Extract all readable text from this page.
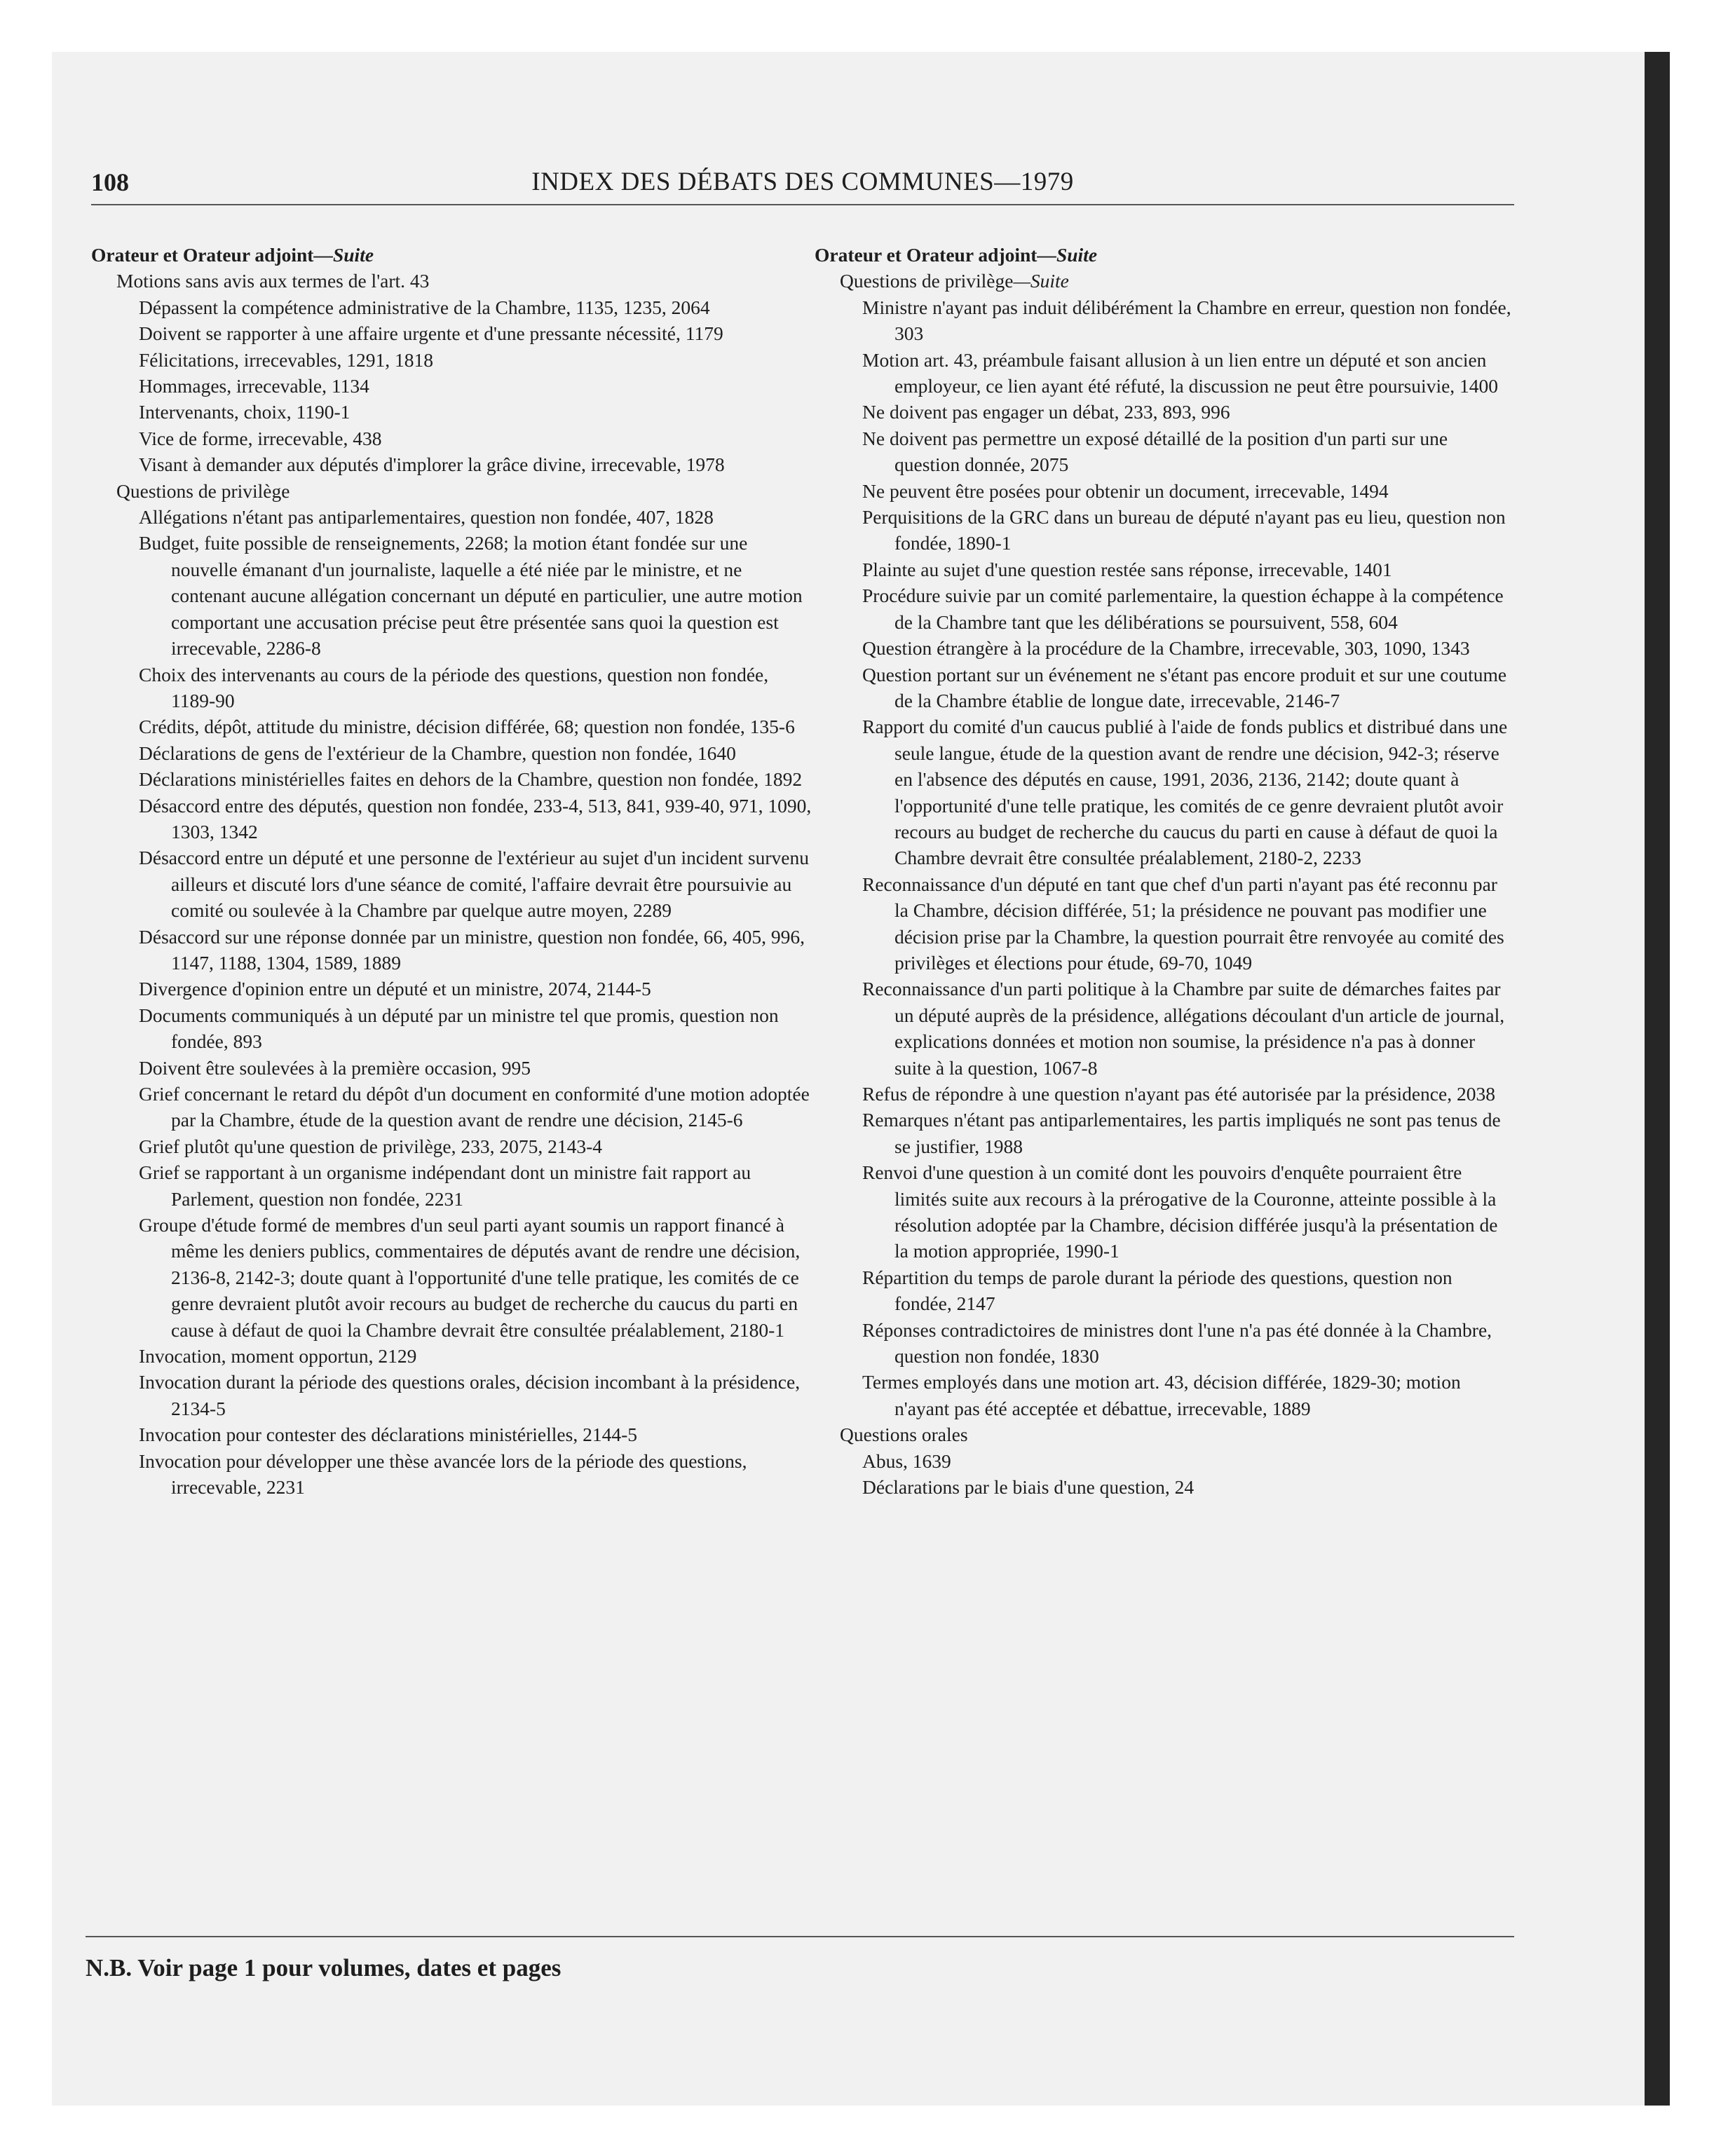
108	INDEX DES DÉBATS DES COMMUNES—1979
Orateur et Orateur adjoint—Suite
Motions sans avis aux termes de l'art. 43
Dépassent la compétence administrative de la Chambre, 1135, 1235, 2064
Doivent se rapporter à une affaire urgente et d'une pressante nécessité, 1179
Félicitations, irrecevables, 1291, 1818
Hommages, irrecevable, 1134
Intervenants, choix, 1190-1
Vice de forme, irrecevable, 438
Visant à demander aux députés d'implorer la grâce divine, irrecevable, 1978
Questions de privilège
Allégations n'étant pas antiparlementaires, question non fondée, 407, 1828
Budget, fuite possible de renseignements, 2268; la motion étant fondée sur une nouvelle émanant d'un journaliste, laquelle a été niée par le ministre, et ne contenant aucune allégation concernant un député en particulier, une autre motion comportant une accusation précise peut être présentée sans quoi la question est irrecevable, 2286-8
Choix des intervenants au cours de la période des questions, question non fondée, 1189-90
Crédits, dépôt, attitude du ministre, décision différée, 68; question non fondée, 135-6
Déclarations de gens de l'extérieur de la Chambre, question non fondée, 1640
Déclarations ministérielles faites en dehors de la Chambre, question non fondée, 1892
Désaccord entre des députés, question non fondée, 233-4, 513, 841, 939-40, 971, 1090, 1303, 1342
Désaccord entre un député et une personne de l'extérieur au sujet d'un incident survenu ailleurs et discuté lors d'une séance de comité, l'affaire devrait être poursuivie au comité ou soulevée à la Chambre par quelque autre moyen, 2289
Désaccord sur une réponse donnée par un ministre, question non fondée, 66, 405, 996, 1147, 1188, 1304, 1589, 1889
Divergence d'opinion entre un député et un ministre, 2074, 2144-5
Documents communiqués à un député par un ministre tel que promis, question non fondée, 893
Doivent être soulevées à la première occasion, 995
Grief concernant le retard du dépôt d'un document en conformité d'une motion adoptée par la Chambre, étude de la question avant de rendre une décision, 2145-6
Grief plutôt qu'une question de privilège, 233, 2075, 2143-4
Grief se rapportant à un organisme indépendant dont un ministre fait rapport au Parlement, question non fondée, 2231
Groupe d'étude formé de membres d'un seul parti ayant soumis un rapport financé à même les deniers publics, commentaires de députés avant de rendre une décision, 2136-8, 2142-3; doute quant à l'opportunité d'une telle pratique, les comités de ce genre devraient plutôt avoir recours au budget de recherche du caucus du parti en cause à défaut de quoi la Chambre devrait être consultée préalablement, 2180-1
Invocation, moment opportun, 2129
Invocation durant la période des questions orales, décision incombant à la présidence, 2134-5
Invocation pour contester des déclarations ministérielles, 2144-5
Invocation pour développer une thèse avancée lors de la période des questions, irrecevable, 2231
Orateur et Orateur adjoint—Suite
Questions de privilège—Suite
Ministre n'ayant pas induit délibérément la Chambre en erreur, question non fondée, 303
Motion art. 43, préambule faisant allusion à un lien entre un député et son ancien employeur, ce lien ayant été réfuté, la discussion ne peut être poursuivie, 1400
Ne doivent pas engager un débat, 233, 893, 996
Ne doivent pas permettre un exposé détaillé de la position d'un parti sur une question donnée, 2075
Ne peuvent être posées pour obtenir un document, irrecevable, 1494
Perquisitions de la GRC dans un bureau de député n'ayant pas eu lieu, question non fondée, 1890-1
Plainte au sujet d'une question restée sans réponse, irrecevable, 1401
Procédure suivie par un comité parlementaire, la question échappe à la compétence de la Chambre tant que les délibérations se poursuivent, 558, 604
Question étrangère à la procédure de la Chambre, irrecevable, 303, 1090, 1343
Question portant sur un événement ne s'étant pas encore produit et sur une coutume de la Chambre établie de longue date, irrecevable, 2146-7
Rapport du comité d'un caucus publié à l'aide de fonds publics et distribué dans une seule langue, étude de la question avant de rendre une décision, 942-3; réserve en l'absence des députés en cause, 1991, 2036, 2136, 2142; doute quant à l'opportunité d'une telle pratique, les comités de ce genre devraient plutôt avoir recours au budget de recherche du caucus du parti en cause à défaut de quoi la Chambre devrait être consultée préalablement, 2180-2, 2233
Reconnaissance d'un député en tant que chef d'un parti n'ayant pas été reconnu par la Chambre, décision différée, 51; la présidence ne pouvant pas modifier une décision prise par la Chambre, la question pourrait être renvoyée au comité des privilèges et élections pour étude, 69-70, 1049
Reconnaissance d'un parti politique à la Chambre par suite de démarches faites par un député auprès de la présidence, allégations découlant d'un article de journal, explications données et motion non soumise, la présidence n'a pas à donner suite à la question, 1067-8
Refus de répondre à une question n'ayant pas été autorisée par la présidence, 2038
Remarques n'étant pas antiparlementaires, les partis impliqués ne sont pas tenus de se justifier, 1988
Renvoi d'une question à un comité dont les pouvoirs d'enquête pourraient être limités suite aux recours à la prérogative de la Couronne, atteinte possible à la résolution adoptée par la Chambre, décision différée jusqu'à la présentation de la motion appropriée, 1990-1
Répartition du temps de parole durant la période des questions, question non fondée, 2147
Réponses contradictoires de ministres dont l'une n'a pas été donnée à la Chambre, question non fondée, 1830
Termes employés dans une motion art. 43, décision différée, 1829-30; motion n'ayant pas été acceptée et débattue, irrecevable, 1889
Questions orales
Abus, 1639
Déclarations par le biais d'une question, 24
N.B. Voir page 1 pour volumes, dates et pages
